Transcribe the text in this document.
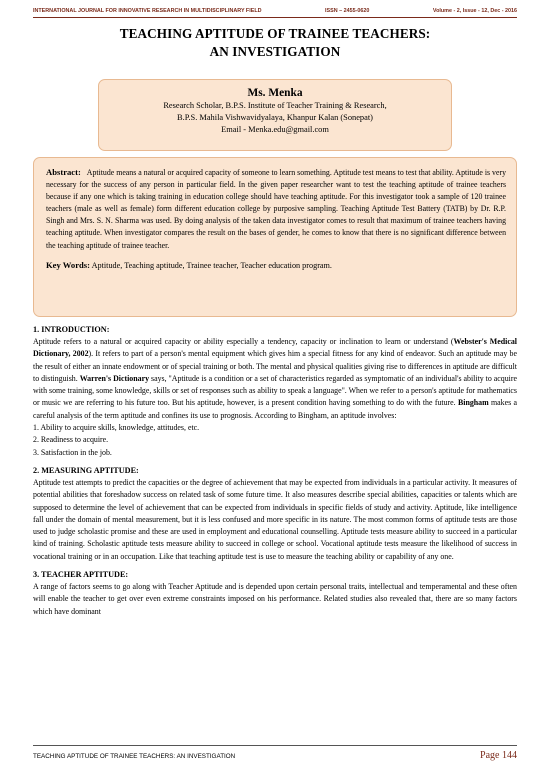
INTERNATIONAL JOURNAL FOR INNOVATIVE RESEARCH IN MULTIDISCIPLINARY FIELD	ISSN – 2455-0620	Volume - 2, Issue - 12, Dec - 2016
TEACHING APTITUDE OF TRAINEE TEACHERS:
AN INVESTIGATION
Ms. Menka
Research Scholar, B.P.S. Institute of Teacher Training & Research,
B.P.S. Mahila Vishwavidyalaya, Khanpur Kalan (Sonepat)
Email - Menka.edu@gmail.com

Abstract: Aptitude means a natural or acquired capacity of someone to learn something. Aptitude test means to test that ability. Aptitude is very necessary for the success of any person in particular field. In the given paper researcher want to test the teaching aptitude of trainee teachers because if any one which is taking training in education college should have teaching aptitude. For this investigator took a sample of 120 trainee teachers (male as well as female) form different education college by purposive sampling. Teaching Aptitude Test Battery (TATB) by Dr. R.P. Singh and Mrs. S. N. Sharma was used. By doing analysis of the taken data investigator comes to result that maximum of trainee teachers having teaching aptitude. When investigator compares the result on the bases of gender, he comes to know that there is no significant difference between the teaching aptitude of trainee teacher.

Key Words: Aptitude, Teaching aptitude, Trainee teacher, Teacher education program.

1. INTRODUCTION:

Aptitude refers to a natural or acquired capacity or ability especially a tendency, capacity or inclination to learn or understand (Webster's Medical Dictionary, 2002). It refers to part of a person's mental equipment which gives him a special fitness for any kind of endeavor. Such an aptitude may be the result of either an innate endowment or of special training or both. The mental and physical qualities giving rise to differences in aptitude are difficult to distinguish. Warren's Dictionary says, "Aptitude is a condition or a set of characteristics regarded as symptomatic of an individual's ability to acquire with some training, some knowledge, skills or set of responses such as ability to speak a language". When we refer to a person's aptitude for mathematics or music we are referring to his future too. But his aptitude, however, is a present condition having something to do with the future. Bingham makes a careful analysis of the term aptitude and confines its use to prognosis. According to Bingham, an aptitude involves:

1. Ability to acquire skills, knowledge, attitudes, etc.

2. Readiness to acquire.

3. Satisfaction in the job.

2. MEASURING APTITUDE:

Aptitude test attempts to predict the capacities or the degree of achievement that may be expected from individuals in a particular activity. It measures of potential abilities that foreshadow success on related task of some future time. It also measures describe special abilities, capacities or talents which are supposed to determine the level of achievement that can be expected from individuals in specific fields of study and activity. Aptitude, like intelligence fall under the domain of mental measurement, but it is less confused and more specific in its nature. The most common forms of aptitude tests are those used to judge scholastic promise and these are used in employment and educational counselling. Aptitude tests measure ability to succeed in a particular kind of training. Scholastic aptitude tests measure ability to succeed in college or school. Vocational aptitude tests measure the likelihood of success in vocational training or in an occupation. Like that teaching aptitude test is use to measure the teaching ability or capability of any one.

3. TEACHER APTITUDE:

A range of factors seems to go along with Teacher Aptitude and is depended upon certain personal traits, intellectual and temperamental and these often will enable the teacher to get over even extreme constraints imposed on his performance. Related studies also revealed that, there are so many factors which have dominant

TEACHING APTITUDE OF TRAINEE TEACHERS: AN INVESTIGATION	Page 144
